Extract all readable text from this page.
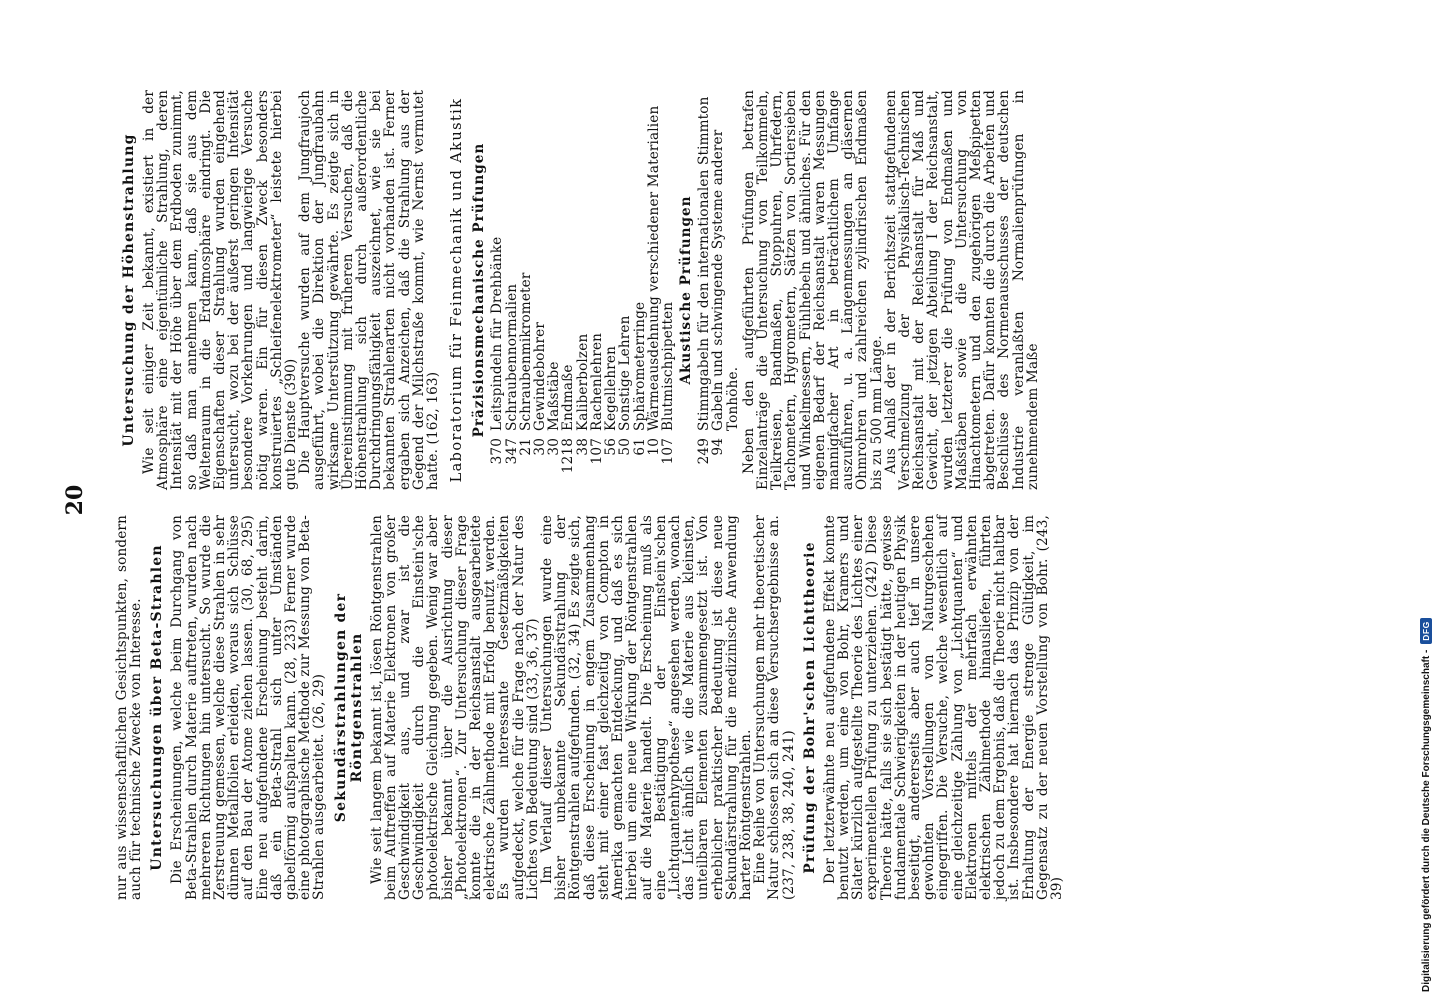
20

nur aus wissenschaftlichen Gesichtspunkten, sondern auch für technische Zwecke von Interesse. Untersuchungen über Beta-Strahlen Die Erscheinungen, welche beim Durchgang von Beta-Strahlen durch Materie auftreten, wurden nach mehreren Richtungen hin untersucht. So wurde die Zerstreuung gemessen, welche diese Strahlen in sehr dünnen Metallfolien erleiden, woraus sich Schlüsse auf den Bau der Atome ziehen lassen. (30, 68, 295) Eine neu aufgefundene Erscheinung besteht darin, daß ein Beta-Strahl sich unter Umständen gabelförmig aufspalten kann. (28, 233) Ferner wurde eine photographische Methode zur Messung von Beta-Strahlen ausgearbeitet. (26, 29) Sekundärstrahlungen der Röntgenstrahlen Wie seit langem bekannt ist, lösen Röntgenstrahlen beim Auftreffen auf Materie Elektronen von großer Geschwindigkeit aus, und zwar ist die Geschwindigkeit durch die Einstein'sche photoelektrische Gleichung gegeben. Wenig war aber bisher bekannt über die Ausrichtung dieser „Photoelektronen“. Zur Untersuchung dieser Frage konnte die in der Reichsanstalt ausgearbeitete elektrische Zählmethode mit Erfolg benutzt werden. Es wurden interessante Gesetzmäßigkeiten aufgedeckt, welche für die Frage nach der Natur des Lichtes von Bedeutung sind (33, 36, 37)

Im Verlauf dieser Untersuchungen wurde eine bisher unbekannte Sekundärstrahlung der Röntgenstrahlen aufgefunden. (32, 34) Es zeigte sich, daß diese Erscheinung in engem Zusammenhang steht mit einer fast gleichzeitig von Compton in Amerika gemachten Entdeckung, und daß es sich hierbei um eine neue Wirkung der Röntgenstrahlen auf die Materie handelt. Die Erscheinung muß als eine Bestätigung der Einstein'schen „Lichtquantenhypothese“ angesehen werden, wonach das Licht ähnlich wie die Materie aus kleinsten, unteilbaren Elementen zusammengesetzt ist. Von erheblicher praktischer Bedeutung ist diese neue Sekundärstrahlung für die medizinische Anwendung harter Röntgenstrahlen.

Eine Reihe von Untersuchungen mehr theoretischer Natur schlossen sich an diese Versuchsergebnisse an. (237, 238, 38, 240, 241) Prüfung der Bohr'schen Lichttheorie Der letzterwähnte neu aufgefundene Effekt konnte benutzt werden, um eine von Bohr, Kramers und Slater kürzlich aufgestellte Theorie des Lichtes einer experimentellen Prüfung zu unterziehen. (242) Diese Theorie hätte, falls sie sich bestätigt hätte, gewisse fundamentale Schwierigkeiten in der heutigen Physik beseitigt, andererseits aber auch tief in unsere gewohnten Vorstellungen von Naturgeschehen eingegriffen. Die Versuche, welche wesentlich auf eine gleichzeitige Zählung von „Lichtquanten“ und Elektronen mittels der mehrfach erwähnten elektrischen Zählmethode hinausliefen, führten jedoch zu dem Ergebnis, daß die Theorie nicht haltbar ist. Insbesondere hat hiernach das Prinzip von der Erhaltung der Energie strenge Gültigkeit, im Gegensatz zu der neuen Vorstellung von Bohr. (243, 39)

Untersuchung der Höhenstrahlung Wie seit einiger Zeit bekannt, existiert in der Atmosphäre eine eigentümliche Strahlung, deren Intensität mit der Höhe über dem Erdboden zunimmt, so daß man annehmen kann, daß sie aus dem Weltenraum in die Erdatmosphäre eindringt. Die Eigenschaften dieser Strahlung wurden eingehend untersucht, wozu bei der äußerst geringen Intensität besondere Vorkehrungen und langwierige Versuche nötig waren. Ein für diesen Zweck besonders konstruiertes „Schleifenelektrometer“ leistete hierbei gute Dienste (390)

Die Hauptversuche wurden auf dem Jungfraujoch ausgeführt, wobei die Direktion der Jungfraubahn wirksame Unterstützung gewährte. Es zeigte sich in Übereinstimmung mit früheren Versuchen, daß die Höhenstrahlung sich durch außerordentliche Durchdringungsfähigkeit auszeichnet, wie sie bei bekannten Strahlenarten nicht vorhanden ist. Ferner ergaben sich Anzeichen, daß die Strahlung aus der Gegend der Milchstraße kommt, wie Nernst vermutet hatte. (162, 163) Laboratorium für Feinmechanik und Akustik Präzisionsmechanische Prüfungen
370
Leitspindeln für Drehbänke
347
Schraubennormalien
21
Schraubenmikrometer
30
Gewindebohrer
30
Maßstäbe
1218
Endmaße
38
Kaliberbolzen
107
Rachenlehren
56
Kegellehren
50
Sonstige Lehren
61
Sphärometerringe
10
Wärmeausdehnung verschiedener Materialien
107
Blutmischpipetten Akustische Prüfungen
249
Stimmgabeln für den internationalen Stimmton
94
Gabeln und schwingende Systeme anderer Tonhöhe. Neben den aufgeführten Prüfungen betrafen Einzelanträge die Untersuchung von Teilkommeln, Teilkreisen, Bandmaßen, Stoppuhren, Uhrfedern, Tachometern, Hygrometern, Sätzen von Sortiersieben und Winkelmessern, Fühlhebeln und ähnliches. Für den eigenen Bedarf der Reichsanstalt waren Messungen mannigfacher Art in beträchtlichem Umfange auszuführen, u. a. Längenmessungen an gläsernen Ohmrohren und zahlreichen zylindrischen Endmaßen bis zu 500 mm Länge.

Aus Anlaß der in der Berichtszeit stattgefundenen Verschmelzung der Physikalisch-Technischen Reichsanstalt mit der Reichsanstalt für Maß und Gewicht, der jetzigen Abteilung I der Reichsanstalt, wurden letzterer die Prüfung von Endmaßen und Maßstäben sowie die Untersuchung von Hinachtometern und den zugehörigen Meßpipetten abgetreten. Dafür konnten die durch die Arbeiten und Beschlüsse des Normenausschusses der deutschen Industrie veranlaßten Normalienprüfungen in zunehmendem Maße

Digitalisierung gefördert durch die Deutsche Forschungsgemeinschaft -
DFG
